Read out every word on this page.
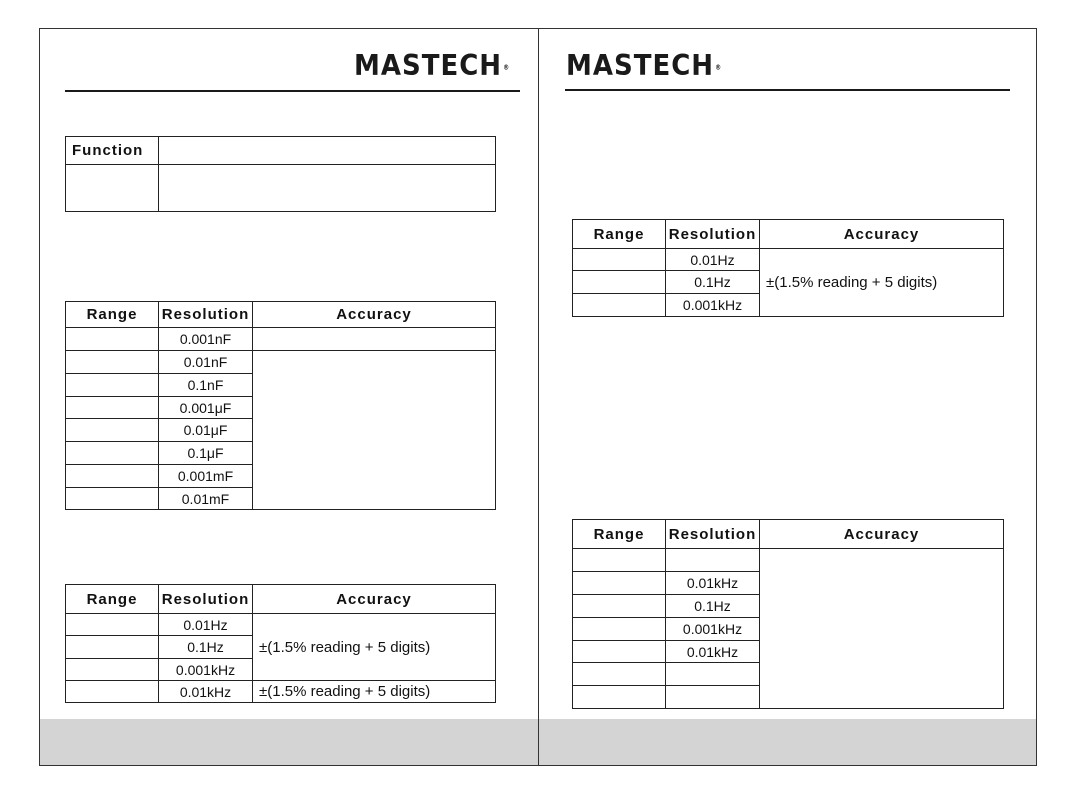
MASTECH® MASTECH®
Function	

Range	Resolution	Accuracy
	0.001nF	
	0.01nF	
	0.1nF	
	0.001μF	
	0.01μF	
	0.1μF	
	0.001mF	
	0.01mF	
Range	Resolution	Accuracy
	0.01Hz	±(1.5% reading + 5 digits)
	0.1Hz	
	0.001kHz	
	0.01kHz	±(1.5% reading + 5 digits)
Range	Resolution	Accuracy
	0.01Hz	±(1.5% reading + 5 digits)
	0.1Hz	
	0.001kHz	
Range	Resolution	Accuracy

	0.01kHz	
	0.1Hz	
	0.001kHz	
	0.01kHz	
